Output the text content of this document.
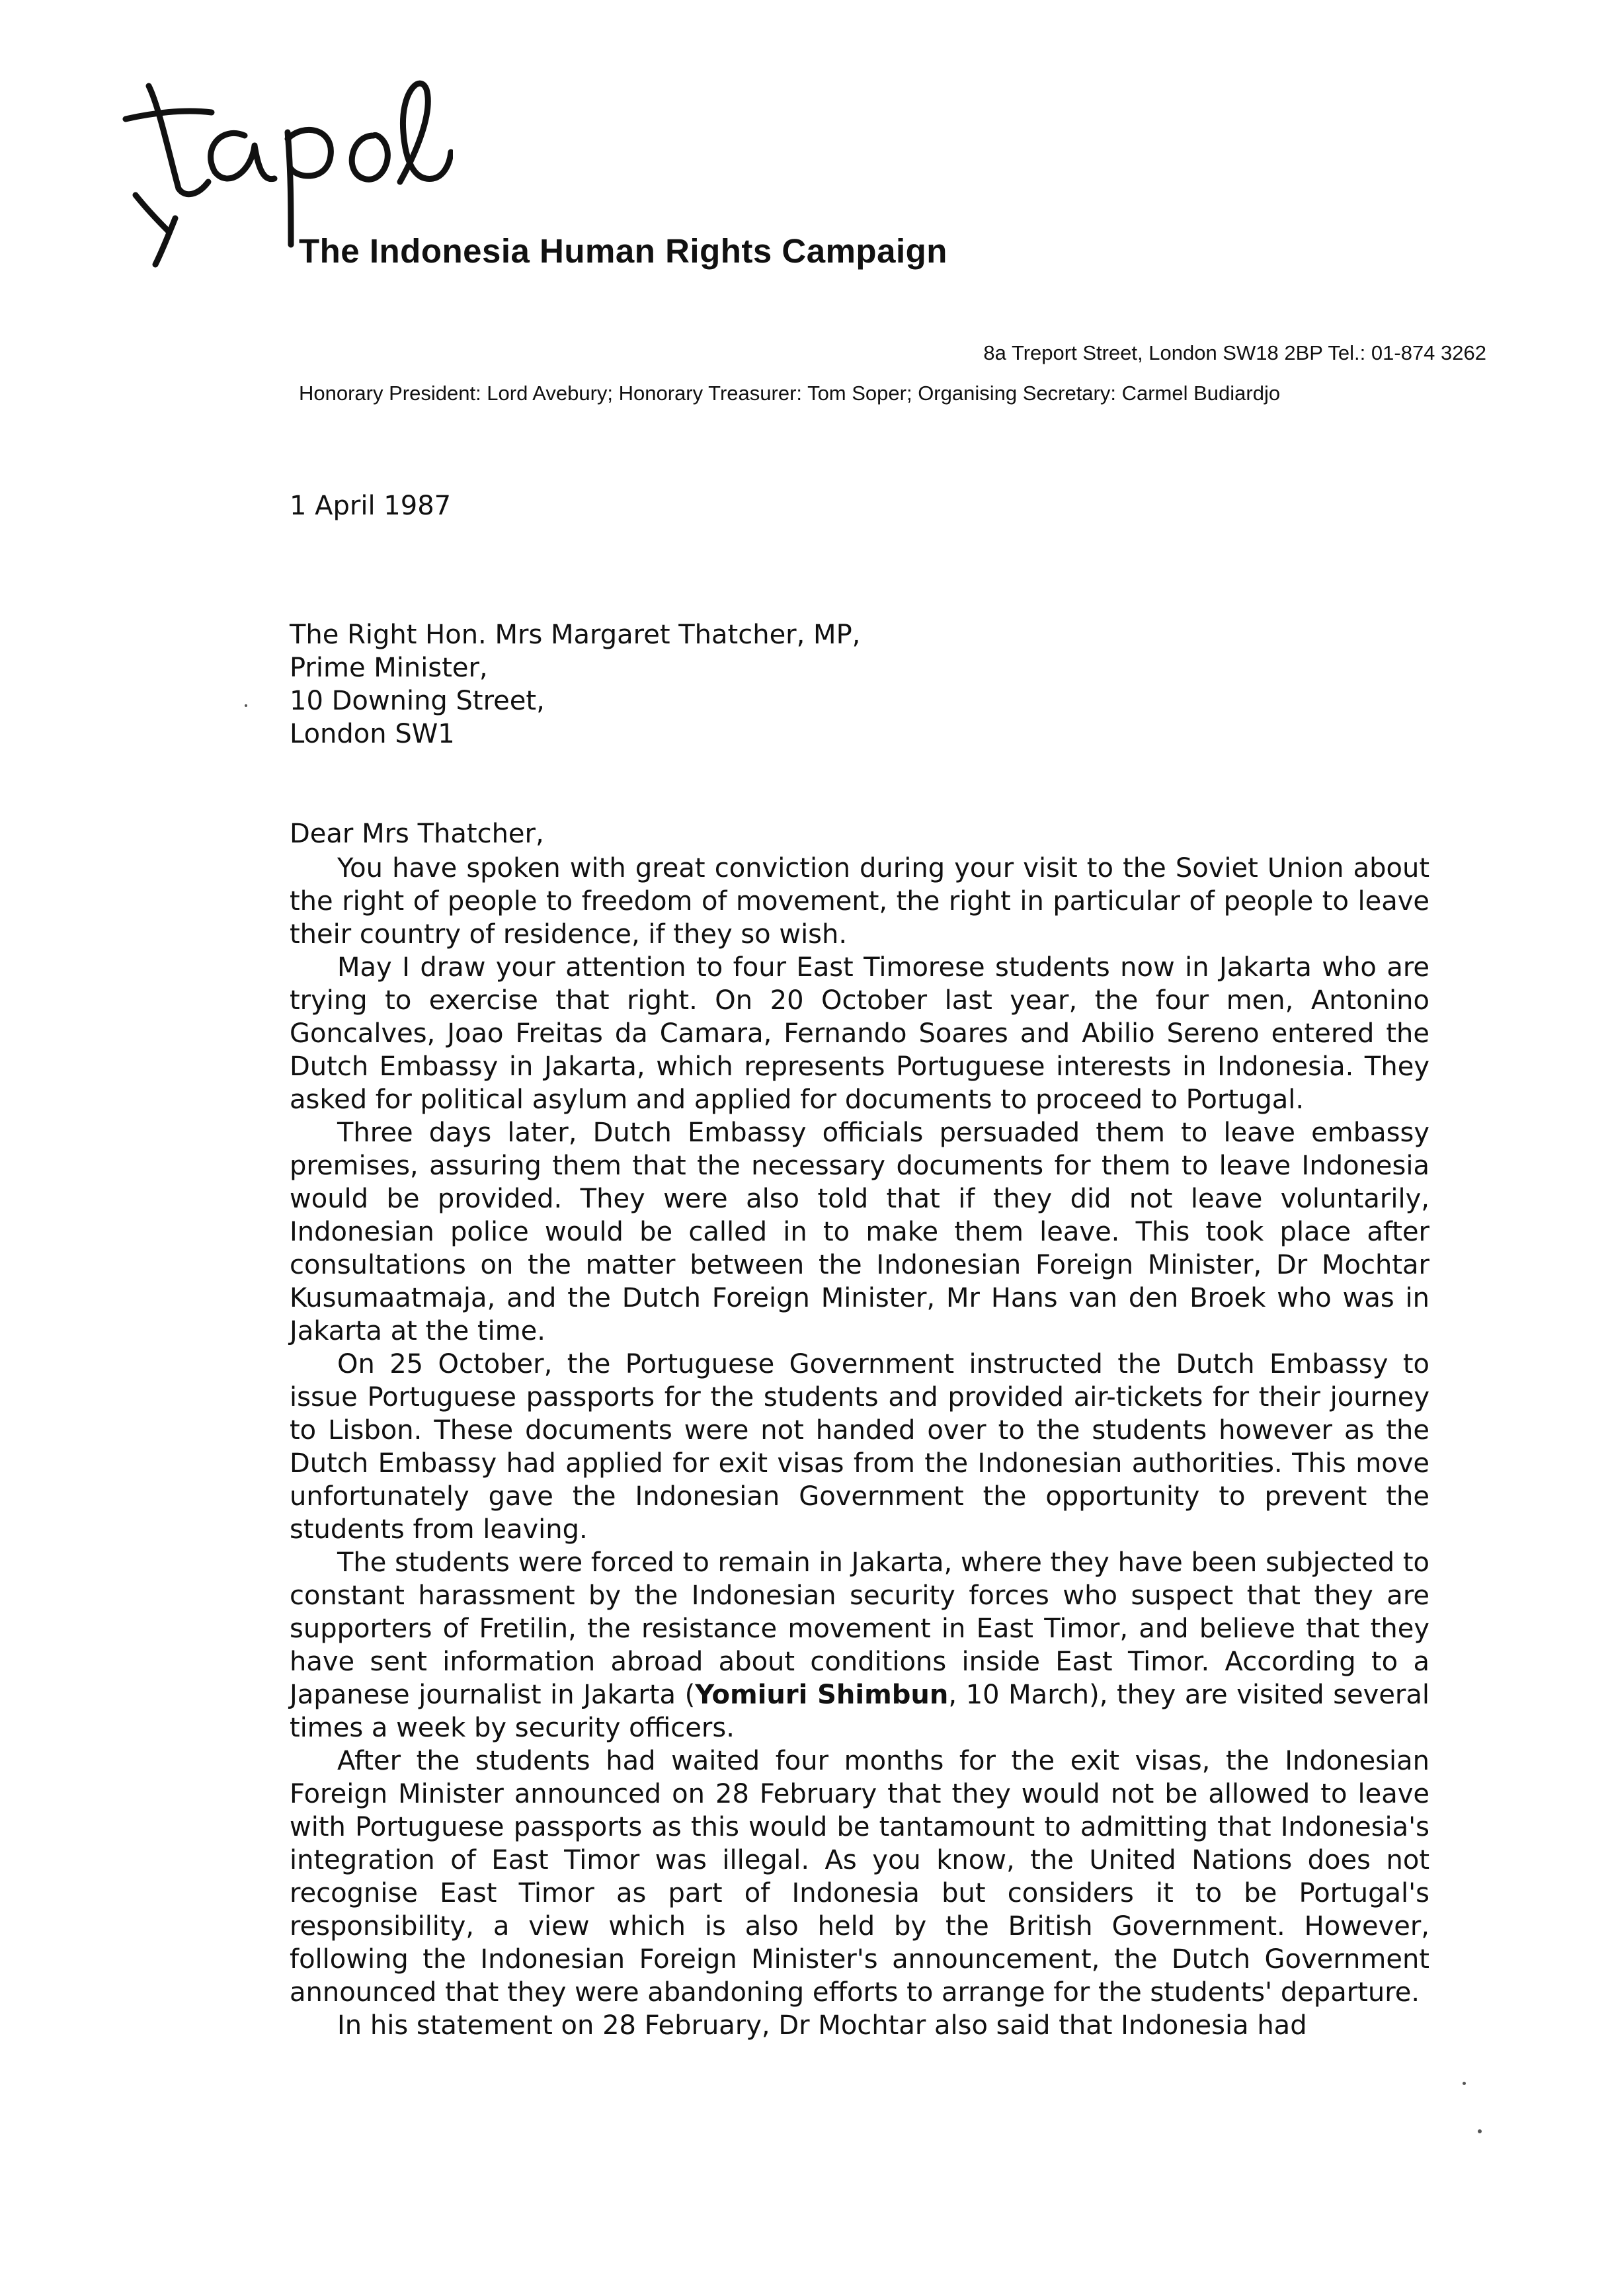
The Indonesia Human Rights Campaign
8a Treport Street, London SW18 2BP Tel.: 01-874 3262
Honorary President: Lord Avebury; Honorary Treasurer: Tom Soper; Organising Secretary: Carmel Budiardjo
1 April 1987
The Right Hon. Mrs Margaret Thatcher, MP,
Prime Minister,
10 Downing Street,
London SW1
Dear Mrs Thatcher,

You have spoken with great conviction during your visit to the Soviet Union about the right of people to freedom of movement, the right in particular of people to leave their country of residence, if they so wish.

May I draw your attention to four East Timorese students now in Jakarta who are trying to exercise that right. On 20 October last year, the four men, Antonino Goncalves, Joao Freitas da Camara, Fernando Soares and Abilio Sereno entered the Dutch Embassy in Jakarta, which represents Portuguese interests in Indonesia. They asked for political asylum and applied for documents to proceed to Portugal.

Three days later, Dutch Embassy officials persuaded them to leave embassy premises, assuring them that the necessary documents for them to leave Indonesia would be provided. They were also told that if they did not leave voluntarily, Indonesian police would be called in to make them leave. This took place after consultations on the matter between the Indonesian Foreign Minister, Dr Mochtar Kusumaatmaja, and the Dutch Foreign Minister, Mr Hans van den Broek who was in Jakarta at the time.

On 25 October, the Portuguese Government instructed the Dutch Embassy to issue Portuguese passports for the students and provided air-tickets for their journey to Lisbon. These documents were not handed over to the students however as the Dutch Embassy had applied for exit visas from the Indonesian authorities. This move unfortunately gave the Indonesian Government the opportunity to prevent the students from leaving.

The students were forced to remain in Jakarta, where they have been subjected to constant harassment by the Indonesian security forces who suspect that they are supporters of Fretilin, the resistance movement in East Timor, and believe that they have sent information abroad about conditions inside East Timor. According to a Japanese journalist in Jakarta (Yomiuri Shimbun, 10 March), they are visited several times a week by security officers.

After the students had waited four months for the exit visas, the Indonesian Foreign Minister announced on 28 February that they would not be allowed to leave with Portuguese passports as this would be tantamount to admitting that Indonesia's integration of East Timor was illegal. As you know, the United Nations does not recognise East Timor as part of Indonesia but considers it to be Portugal's responsibility, a view which is also held by the British Government. However, following the Indonesian Foreign Minister's announcement, the Dutch Government announced that they were abandoning efforts to arrange for the students' departure.

In his statement on 28 February, Dr Mochtar also said that Indonesia had
